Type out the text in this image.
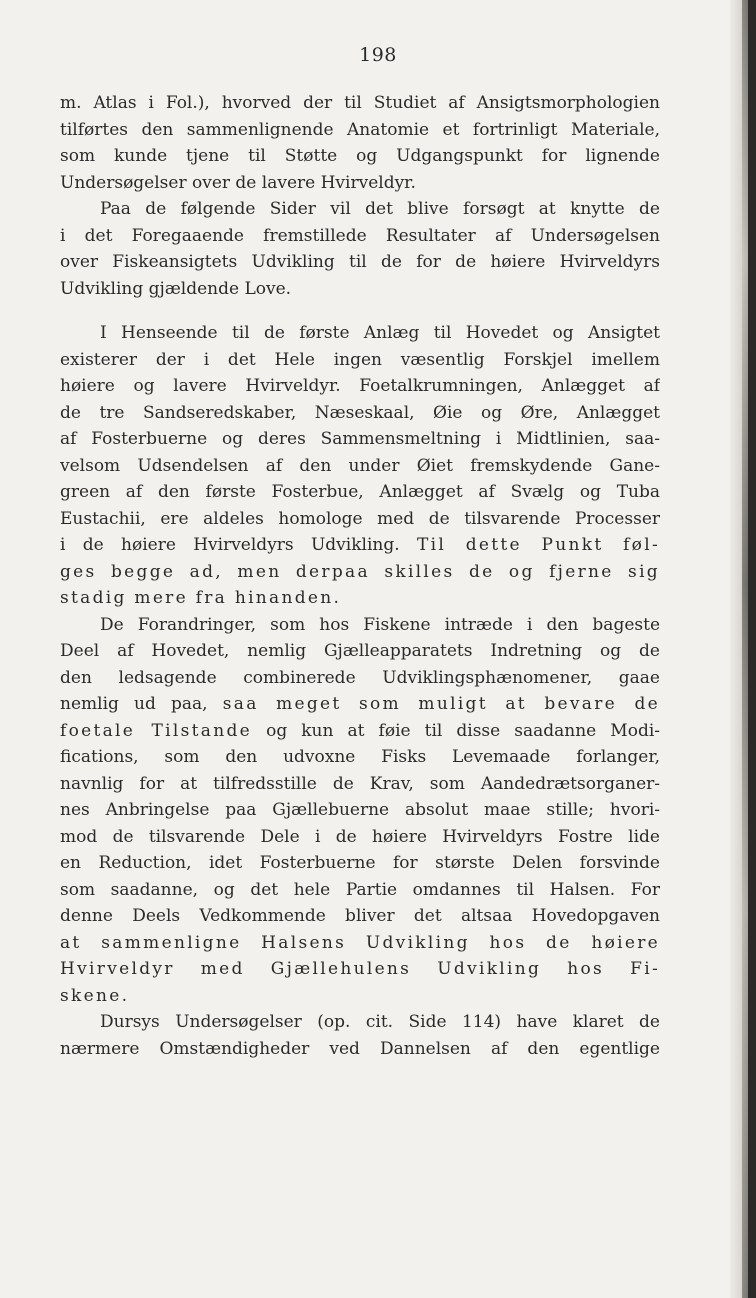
198
m. Atlas i Fol.), hvorved der til Studiet af Ansigtsmorphologien
tilførtes den sammenlignende Anatomie et fortrinligt Materiale,
som kunde tjene til Støtte og Udgangspunkt for lignende
Undersøgelser over de lavere Hvirveldyr.
Paa de følgende Sider vil det blive forsøgt at knytte de
i det Foregaaende fremstillede Resultater af Undersøgelsen
over Fiskeansigtets Udvikling til de for de høiere Hvirveldyrs
Udvikling gjældende Love.
I Henseende til de første Anlæg til Hovedet og Ansigtet
existerer der i det Hele ingen væsentlig Forskjel imellem
høiere og lavere Hvirveldyr. Foetalkrumningen, Anlægget af
de tre Sandseredskaber, Næseskaal, Øie og Øre, Anlægget
af Fosterbuerne og deres Sammensmeltning i Midtlinien, saa-
velsom Udsendelsen af den under Øiet fremskydende Gane-
green af den første Fosterbue, Anlægget af Svælg og Tuba
Eustachii, ere aldeles homologe med de tilsvarende Processer
i de høiere Hvirveldyrs Udvikling. Til dette Punkt føl-
ges begge ad, men derpaa skilles de og fjerne sig
stadig mere fra hinanden.
De Forandringer, som hos Fiskene intræde i den bageste
Deel af Hovedet, nemlig Gjælleapparatets Indretning og de
den ledsagende combinerede Udviklingsphænomener, gaae
nemlig ud paa, saa meget som muligt at bevare de
foetale Tilstande og kun at føie til disse saadanne Modi-
fications, som den udvoxne Fisks Levemaade forlanger,
navnlig for at tilfredsstille de Krav, som Aandedrætsorganer-
nes Anbringelse paa Gjællebuerne absolut maae stille; hvori-
mod de tilsvarende Dele i de høiere Hvirveldyrs Fostre lide
en Reduction, idet Fosterbuerne for største Delen forsvinde
som saadanne, og det hele Partie omdannes til Halsen. For
denne Deels Vedkommende bliver det altsaa Hovedopgaven
at sammenligne Halsens Udvikling hos de høiere
Hvirveldyr med Gjællehulens Udvikling hos Fi-
skene.
Dursys Undersøgelser (op. cit. Side 114) have klaret de
nærmere Omstændigheder ved Dannelsen af den egentlige
